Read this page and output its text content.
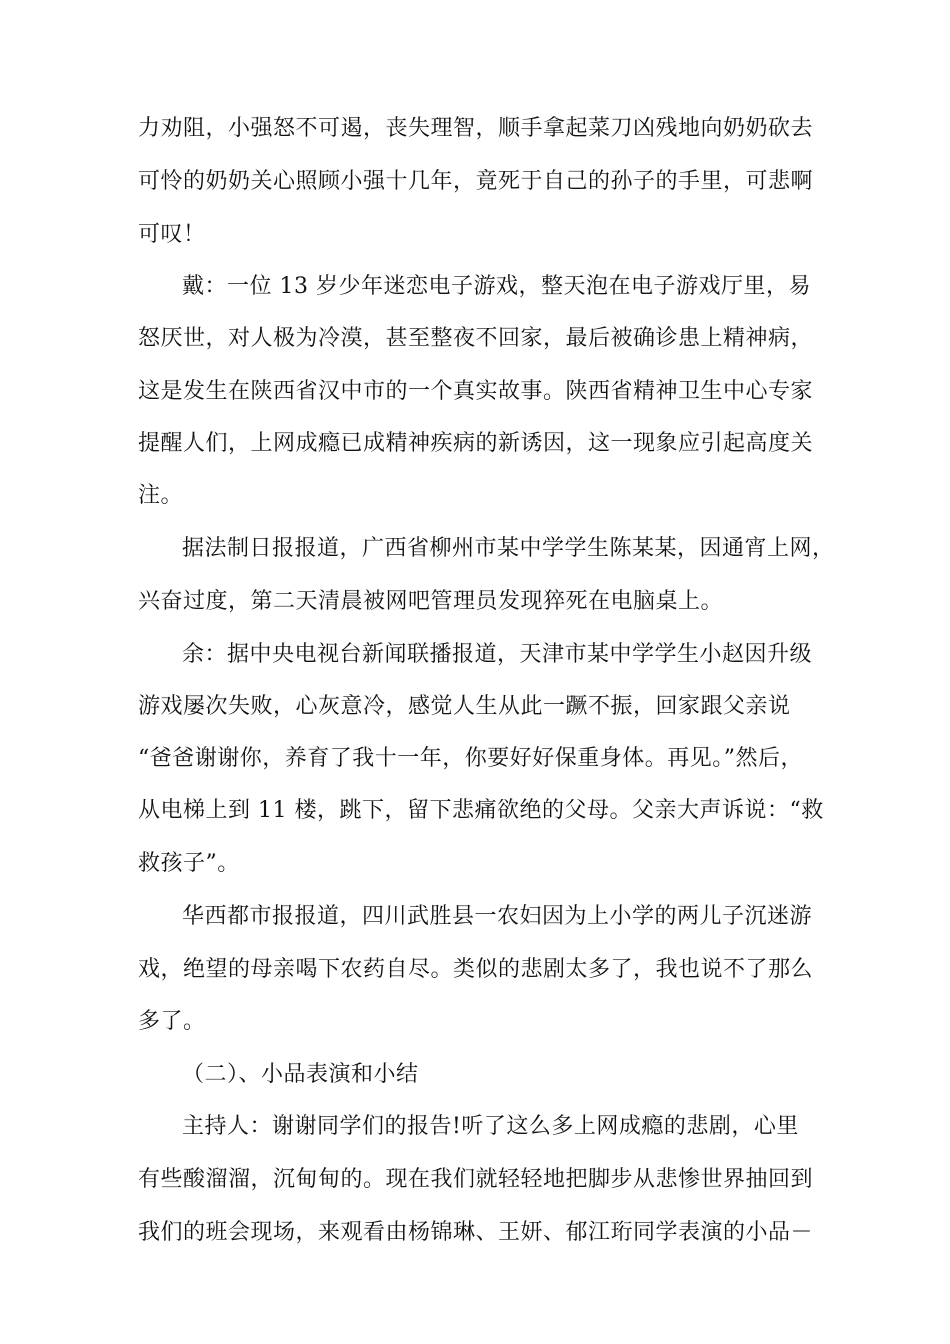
力劝阻，小强怒不可遏，丧失理智，顺手拿起菜刀凶残地向奶奶砍去
可怜的奶奶关心照顾小强十几年，竟死于自己的孙子的手里，可悲啊
可叹！
戴：一位 13 岁少年迷恋电子游戏，整天泡在电子游戏厅里，易
怒厌世，对人极为冷漠，甚至整夜不回家，最后被确诊患上精神病，
这是发生在陕西省汉中市的一个真实故事。陕西省精神卫生中心专家
提醒人们，上网成瘾已成精神疾病的新诱因，这一现象应引起高度关
注。
据法制日报报道，广西省柳州市某中学学生陈某某，因通宵上网，
兴奋过度，第二天清晨被网吧管理员发现猝死在电脑桌上。
余：据中央电视台新闻联播报道，天津市某中学学生小赵因升级
游戏屡次失败，心灰意冷，感觉人生从此一蹶不振，回家跟父亲说
“爸爸谢谢你，养育了我十一年，你要好好保重身体。再见。”然后，
从电梯上到 11 楼，跳下，留下悲痛欲绝的父母。父亲大声诉说：“救
救孩子”。
华西都市报报道，四川武胜县一农妇因为上小学的两儿子沉迷游
戏，绝望的母亲喝下农药自尽。类似的悲剧太多了，我也说不了那么
多了。
（二）、小品表演和小结
主持人：谢谢同学们的报告!听了这么多上网成瘾的悲剧，心里
有些酸溜溜，沉甸甸的。现在我们就轻轻地把脚步从悲惨世界抽回到
我们的班会现场，来观看由杨锦琳、王妍、郁江珩同学表演的小品－
